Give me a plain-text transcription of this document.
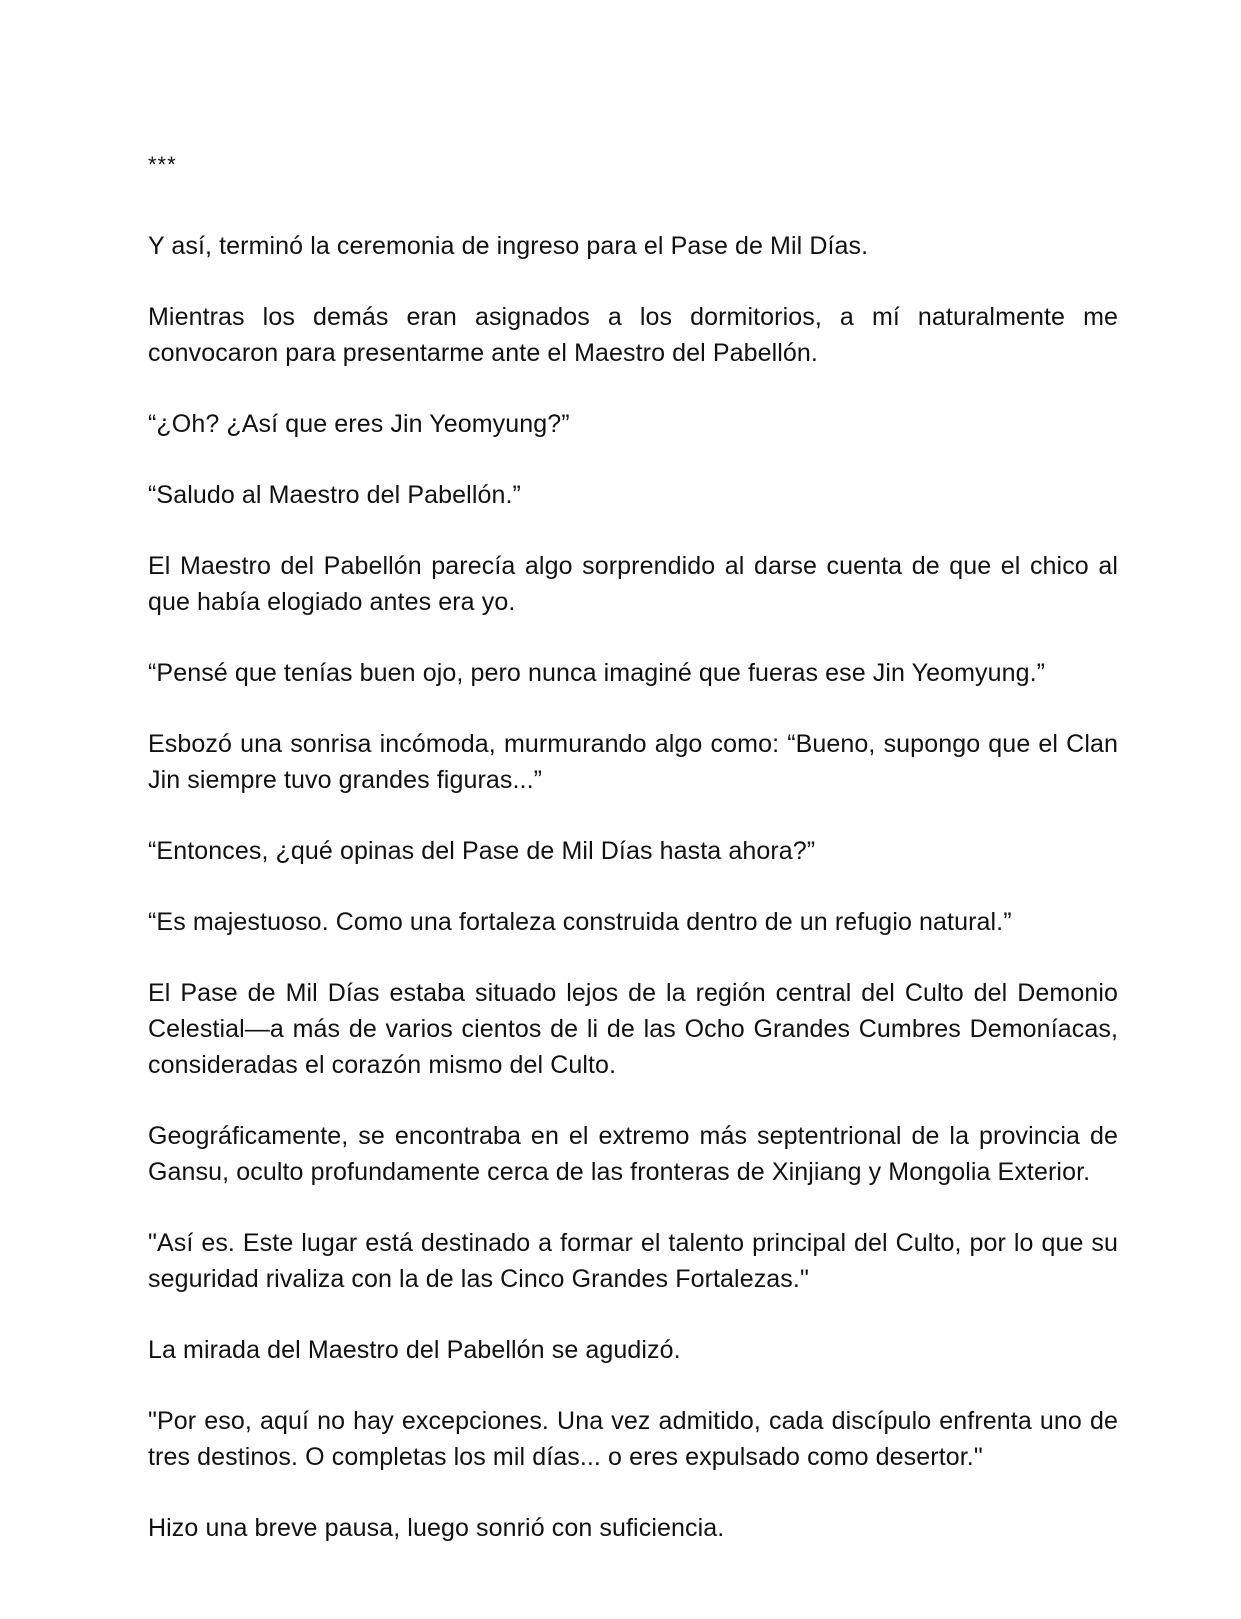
***

Y así, terminó la ceremonia de ingreso para el Pase de Mil Días.

Mientras los demás eran asignados a los dormitorios, a mí naturalmente me convocaron para presentarme ante el Maestro del Pabellón.

“¿Oh? ¿Así que eres Jin Yeomyung?”

“Saludo al Maestro del Pabellón.”

El Maestro del Pabellón parecía algo sorprendido al darse cuenta de que el chico al que había elogiado antes era yo.

“Pensé que tenías buen ojo, pero nunca imaginé que fueras ese Jin Yeomyung.”

Esbozó una sonrisa incómoda, murmurando algo como: “Bueno, supongo que el Clan Jin siempre tuvo grandes figuras...”

“Entonces, ¿qué opinas del Pase de Mil Días hasta ahora?”

“Es majestuoso. Como una fortaleza construida dentro de un refugio natural.”

El Pase de Mil Días estaba situado lejos de la región central del Culto del Demonio Celestial—a más de varios cientos de li de las Ocho Grandes Cumbres Demoníacas, consideradas el corazón mismo del Culto.

Geográficamente, se encontraba en el extremo más septentrional de la provincia de Gansu, oculto profundamente cerca de las fronteras de Xinjiang y Mongolia Exterior.

"Así es. Este lugar está destinado a formar el talento principal del Culto, por lo que su seguridad rivaliza con la de las Cinco Grandes Fortalezas."

La mirada del Maestro del Pabellón se agudizó.

"Por eso, aquí no hay excepciones. Una vez admitido, cada discípulo enfrenta uno de tres destinos. O completas los mil días... o eres expulsado como desertor."

Hizo una breve pausa, luego sonrió con suficiencia.
